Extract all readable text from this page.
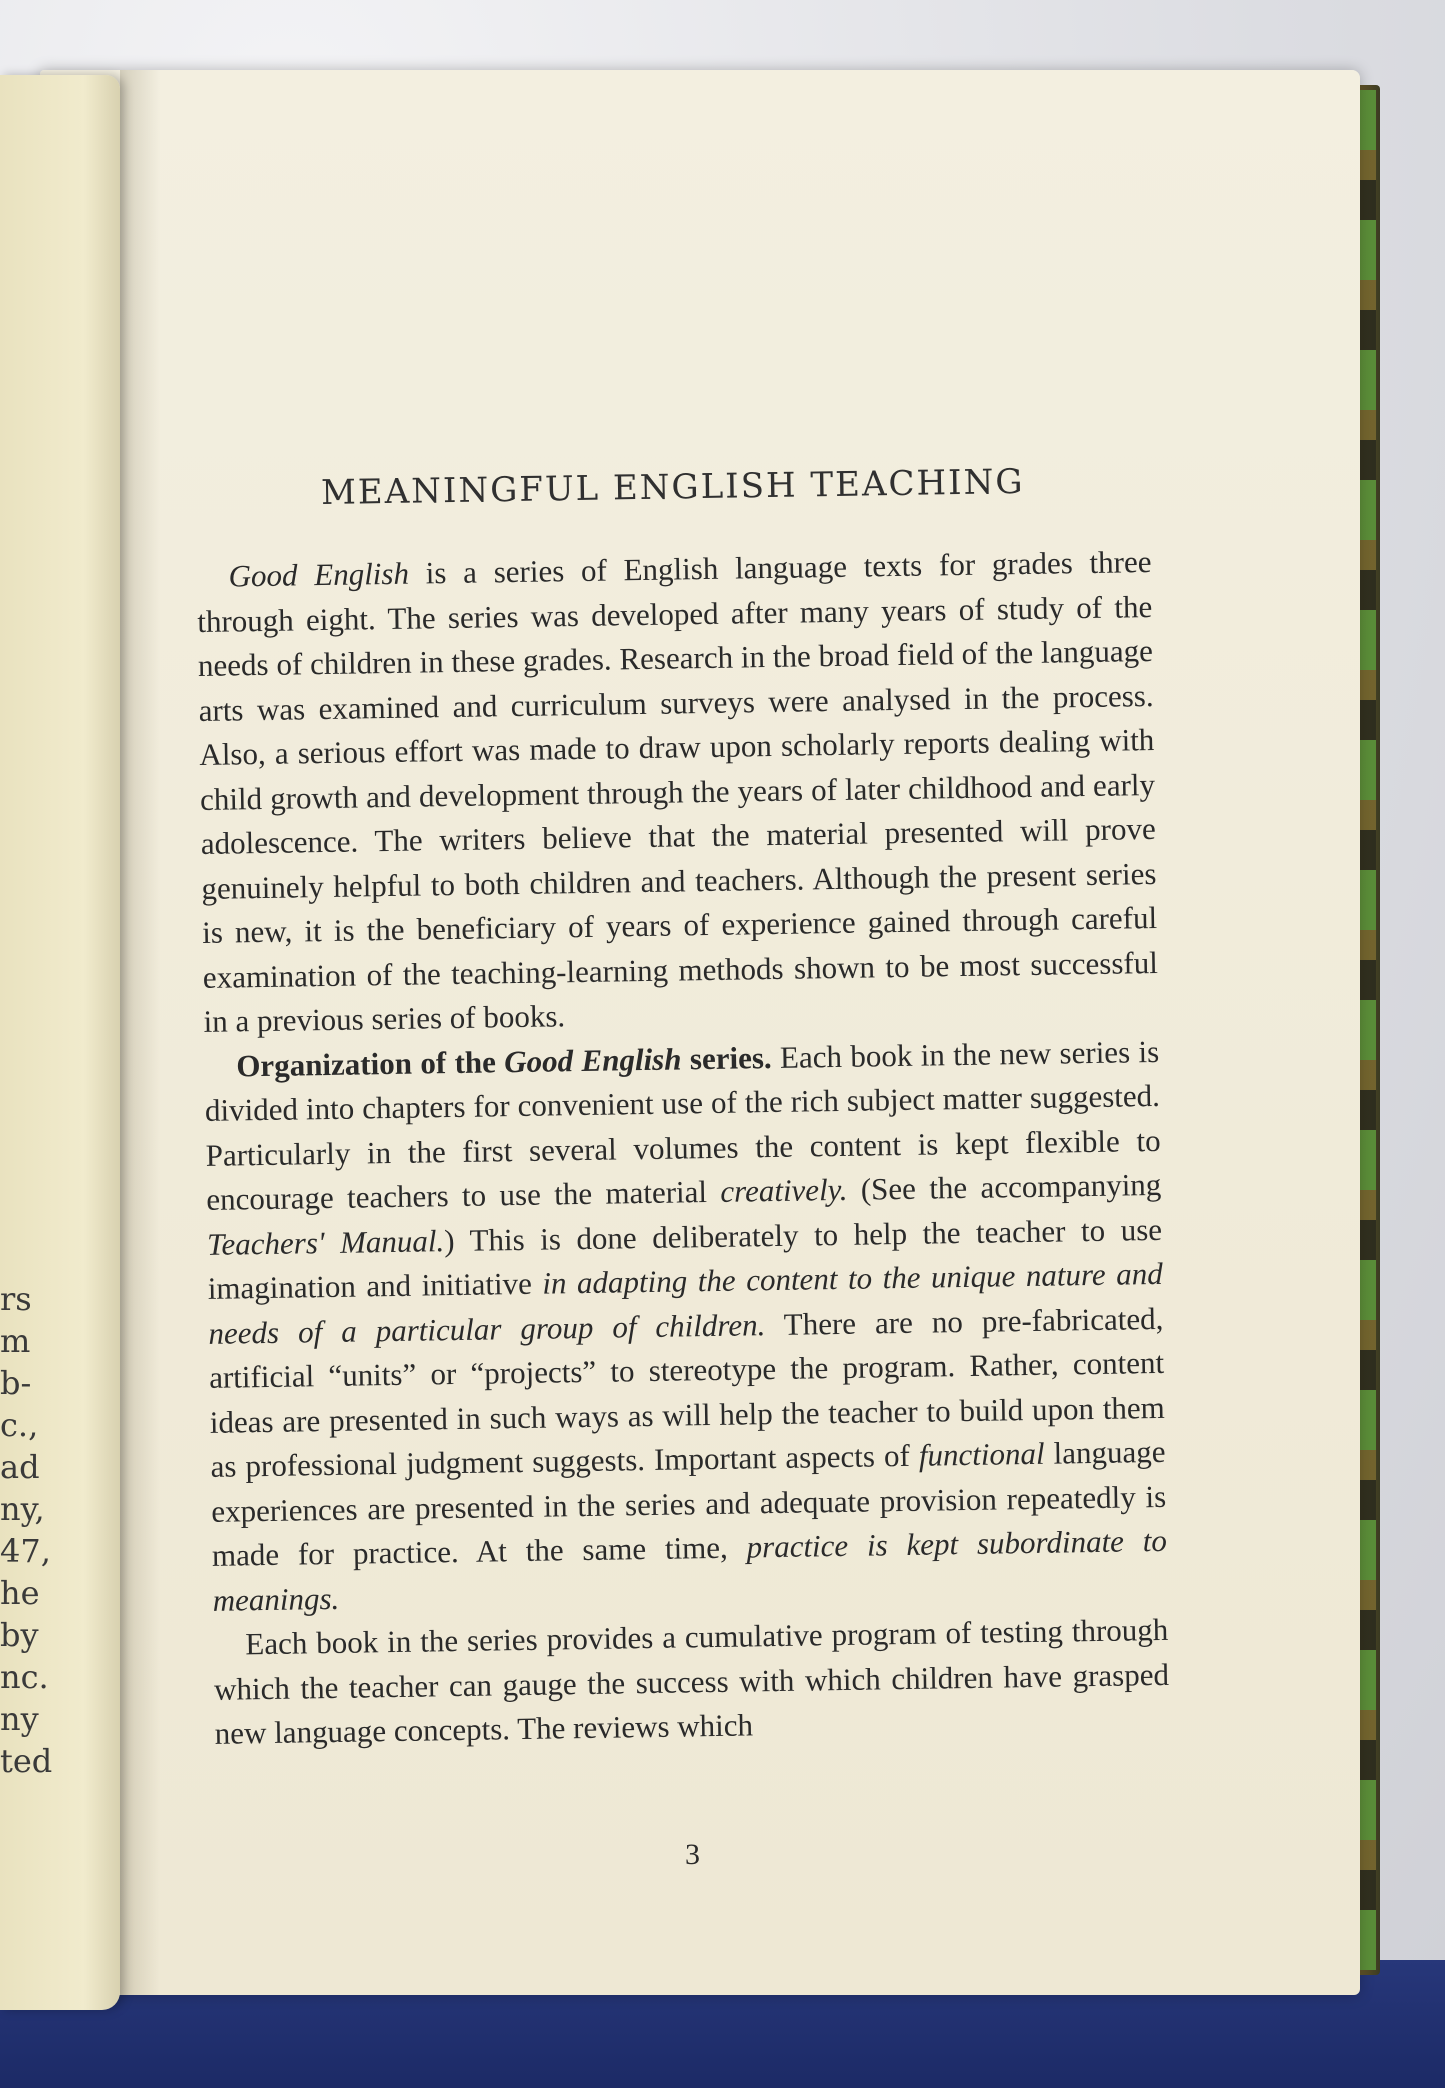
rs
m
b-
c.,
ad
ny,
47,
he
by
nc.
ny
ted
MEANINGFUL ENGLISH TEACHING

Good English is a series of English language texts for grades three through eight. The series was developed after many years of study of the needs of children in these grades. Research in the broad field of the language arts was examined and curriculum surveys were analysed in the process. Also, a serious effort was made to draw upon scholarly reports dealing with child growth and development through the years of later childhood and early adolescence. The writers believe that the material presented will prove genuinely helpful to both children and teachers. Although the present series is new, it is the beneficiary of years of experience gained through careful examination of the teaching-learning methods shown to be most successful in a previous series of books.

Organization of the Good English series. Each book in the new series is divided into chapters for convenient use of the rich subject matter suggested. Particularly in the first several volumes the content is kept flexible to encourage teachers to use the material creatively. (See the accompanying Teachers' Manual.) This is done deliberately to help the teacher to use imagination and initiative in adapting the content to the unique nature and needs of a particular group of children. There are no pre-fabricated, artificial “units” or “projects” to stereotype the program. Rather, content ideas are presented in such ways as will help the teacher to build upon them as professional judgment suggests. Important aspects of functional language experiences are presented in the series and adequate provision repeatedly is made for practice. At the same time, practice is kept subordinate to meanings.

Each book in the series provides a cumulative program of testing through which the teacher can gauge the success with which children have grasped new language concepts. The reviews which

3
